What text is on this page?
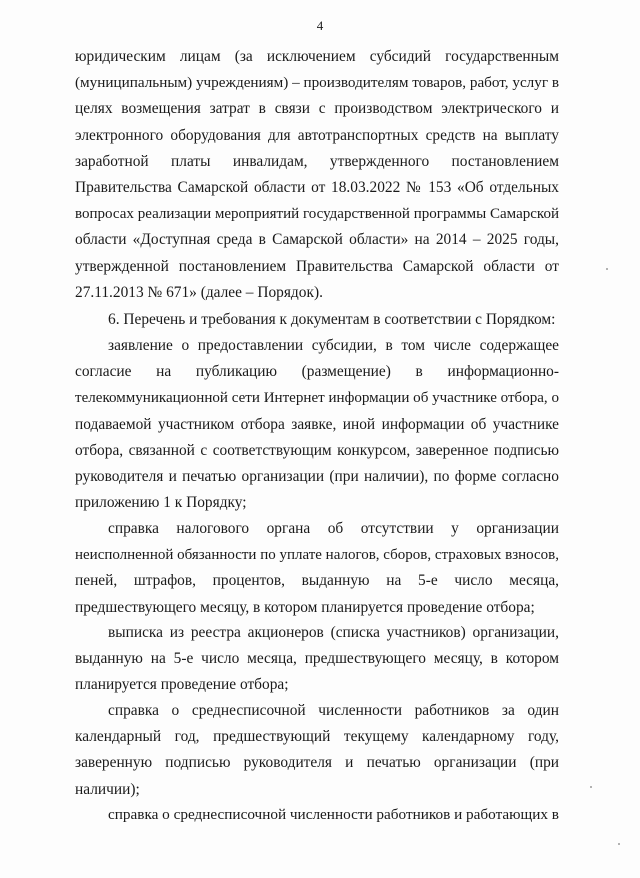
4
юридическим лицам (за исключением субсидий государственным
(муниципальным) учреждениям) – производителям товаров, работ, услуг в
целях возмещения затрат в связи с производством электрического и
электронного оборудования для автотранспортных средств на выплату
заработной платы инвалидам, утвержденного постановлением
Правительства Самарской области от 18.03.2022 № 153 «Об отдельных
вопросах реализации мероприятий государственной программы Самарской
области «Доступная среда в Самарской области» на 2014 – 2025 годы,
утвержденной постановлением Правительства Самарской области от
27.11.2013 № 671» (далее – Порядок).
6. Перечень и требования к документам в соответствии с Порядком:
заявление о предоставлении субсидии, в том числе содержащее
согласие на публикацию (размещение) в информационно-
телекоммуникационной сети Интернет информации об участнике отбора, о
подаваемой участником отбора заявке, иной информации об участнике
отбора, связанной с соответствующим конкурсом, заверенное подписью
руководителя и печатью организации (при наличии), по форме согласно
приложению 1 к Порядку;
справка налогового органа об отсутствии у организации
неисполненной обязанности по уплате налогов, сборов, страховых взносов,
пеней, штрафов, процентов, выданную на 5-е число месяца,
предшествующего месяцу, в котором планируется проведение отбора;
выписка из реестра акционеров (списка участников) организации,
выданную на 5-е число месяца, предшествующего месяцу, в котором
планируется проведение отбора;
справка о среднесписочной численности работников за один
календарный год, предшествующий текущему календарному году,
заверенную подписью руководителя и печатью организации (при
наличии);
справка о среднесписочной численности работников и работающих в
